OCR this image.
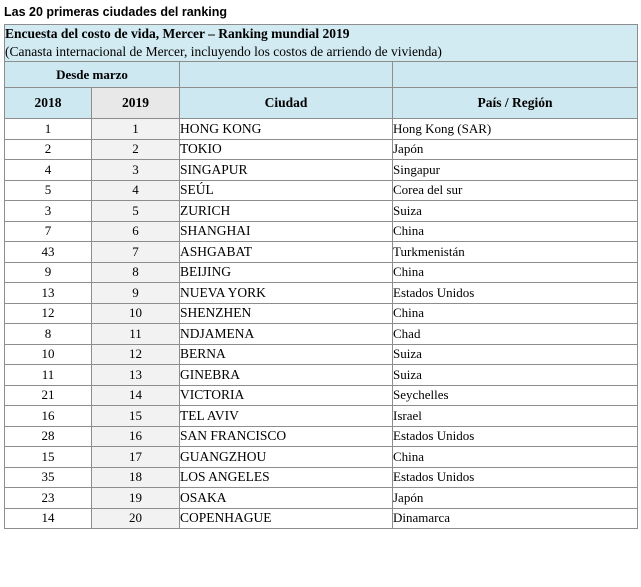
Las 20 primeras ciudades del ranking
Encuesta del costo de vida, Mercer – Ranking mundial 2019
(Canasta internacional de Mercer, incluyendo los costos de arriendo de vivienda)			

Desde marzo			
2018	2019	Ciudad	País / Región
1	1	HONG KONG	Hong Kong (SAR)
2	2	TOKIO	Japón
4	3	SINGAPUR	Singapur
5	4	SEÚL	Corea del sur
3	5	ZURICH	Suiza
7	6	SHANGHAI	China
43	7	ASHGABAT	Turkmenistán
9	8	BEIJING	China
13	9	NUEVA YORK	Estados Unidos
12	10	SHENZHEN	China
8	11	NDJAMENA	Chad
10	12	BERNA	Suiza
11	13	GINEBRA	Suiza
21	14	VICTORIA	Seychelles
16	15	TEL AVIV	Israel
28	16	SAN FRANCISCO	Estados Unidos
15	17	GUANGZHOU	China
35	18	LOS ANGELES	Estados Unidos
23	19	OSAKA	Japón
14	20	COPENHAGUE	Dinamarca
